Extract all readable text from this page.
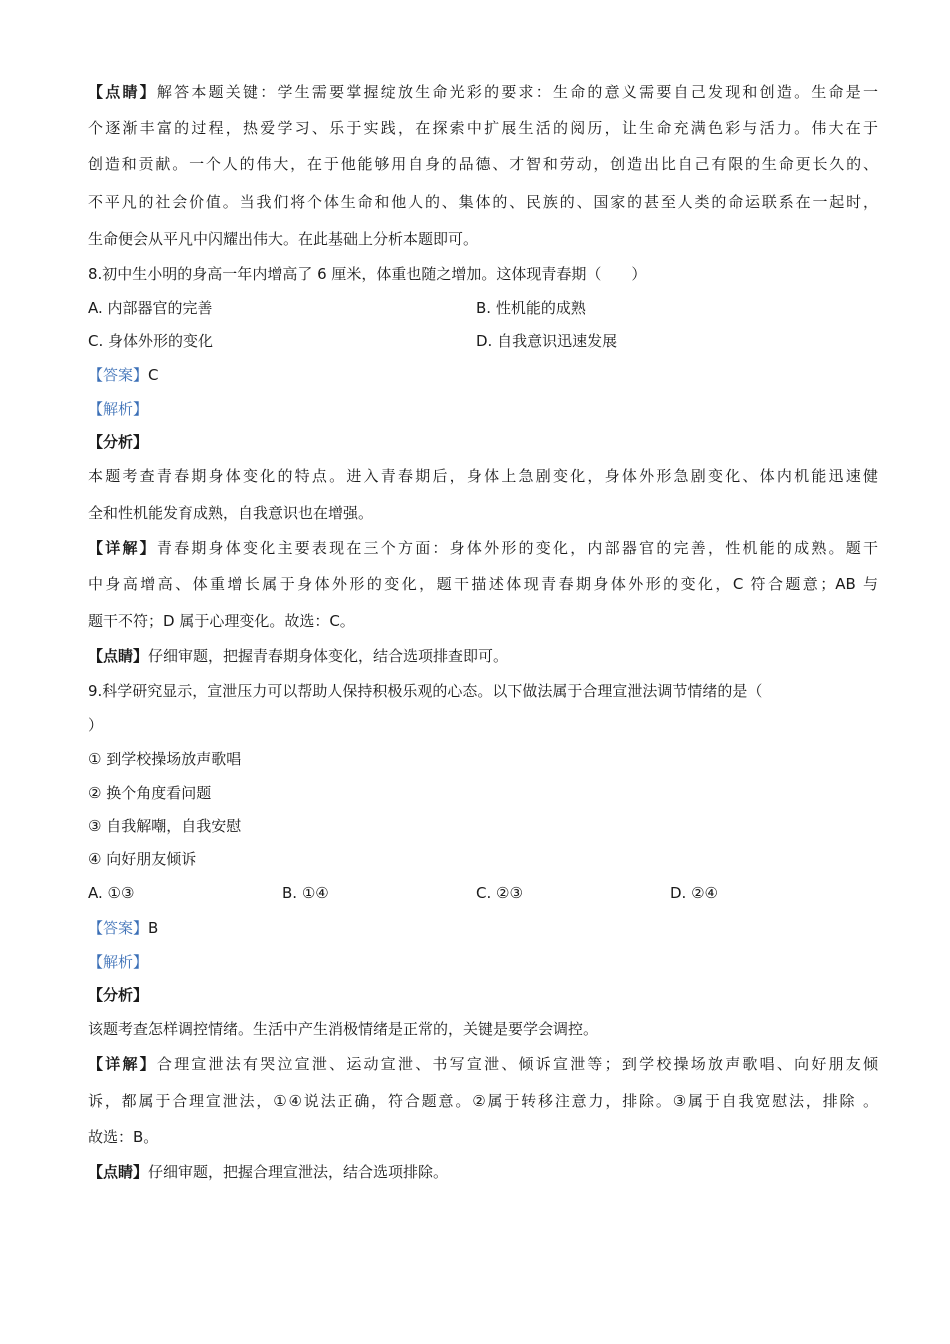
【点睛】解答本题关键：学生需要掌握绽放生命光彩的要求：生命的意义需要自己发现和创造。生命是一
个逐渐丰富的过程，热爱学习、乐于实践，在探索中扩展生活的阅历，让生命充满色彩与活力。伟大在于
创造和贡献。一个人的伟大，在于他能够用自身的品德、才智和劳动，创造出比自己有限的生命更长久的、
不平凡的社会价值。当我们将个体生命和他人的、集体的、民族的、国家的甚至人类的命运联系在一起时，
生命便会从平凡中闪耀出伟大。在此基础上分析本题即可。
8.初中生小明的身高一年内增高了 6 厘米，体重也随之增加。这体现青春期（　　）
A. 内部器官的完善	B. 性机能的成熟
C. 身体外形的变化	D. 自我意识迅速发展
【答案】C
【解析】
【分析】
本题考查青春期身体变化的特点。进入青春期后，身体上急剧变化，身体外形急剧变化、体内机能迅速健
全和性机能发育成熟，自我意识也在增强。
【详解】青春期身体变化主要表现在三个方面：身体外形的变化，内部器官的完善，性机能的成熟。题干
中身高增高、体重增长属于身体外形的变化，题干描述体现青春期身体外形的变化，C 符合题意；AB 与
题干不符；D 属于心理变化。故选：C。
【点睛】仔细审题，把握青春期身体变化，结合选项排查即可。
9.科学研究显示，宣泄压力可以帮助人保持积极乐观的心态。以下做法属于合理宣泄法调节情绪的是（
）
① 到学校操场放声歌唱
② 换个角度看问题
③ 自我解嘲，自我安慰
④ 向好朋友倾诉
A. ①③	B. ①④	C. ②③	D. ②④
【答案】B
【解析】
【分析】
该题考查怎样调控情绪。生活中产生消极情绪是正常的，关键是要学会调控。
【详解】合理宣泄法有哭泣宣泄、运动宣泄、书写宣泄、倾诉宣泄等；到学校操场放声歌唱、向好朋友倾
诉，都属于合理宣泄法，①④说法正确，符合题意。②属于转移注意力，排除。③属于自我宽慰法，排除 。
故选：B。
【点睛】仔细审题，把握合理宣泄法，结合选项排除。
